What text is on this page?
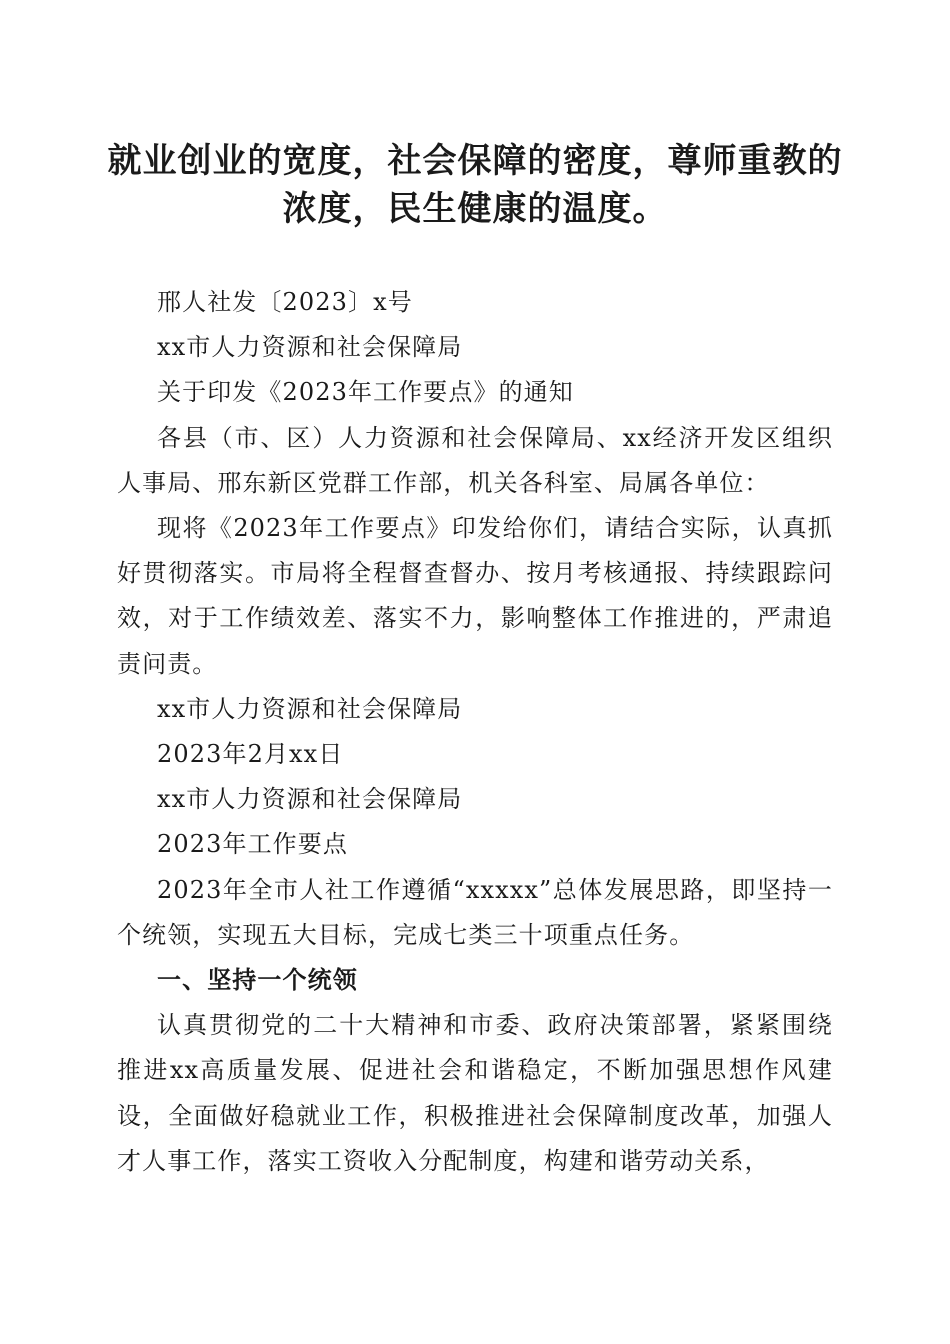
就业创业的宽度，社会保障的密度，尊师重教的浓度，民生健康的温度。

邢人社发〔2023〕x号

xx市人力资源和社会保障局

关于印发《2023年工作要点》的通知

各县（市、区）人力资源和社会保障局、xx经济开发区组织人事局、邢东新区党群工作部，机关各科室、局属各单位：

现将《2023年工作要点》印发给你们，请结合实际，认真抓好贯彻落实。市局将全程督查督办、按月考核通报、持续跟踪问效，对于工作绩效差、落实不力，影响整体工作推进的，严肃追责问责。

xx市人力资源和社会保障局

2023年2月xx日

xx市人力资源和社会保障局

2023年工作要点

2023年全市人社工作遵循“xxxxx”总体发展思路，即坚持一个统领，实现五大目标，完成七类三十项重点任务。

一、坚持一个统领

认真贯彻党的二十大精神和市委、政府决策部署，紧紧围绕推进xx高质量发展、促进社会和谐稳定，不断加强思想作风建设，全面做好稳就业工作，积极推进社会保障制度改革，加强人才人事工作，落实工资收入分配制度，构建和谐劳动关系，
